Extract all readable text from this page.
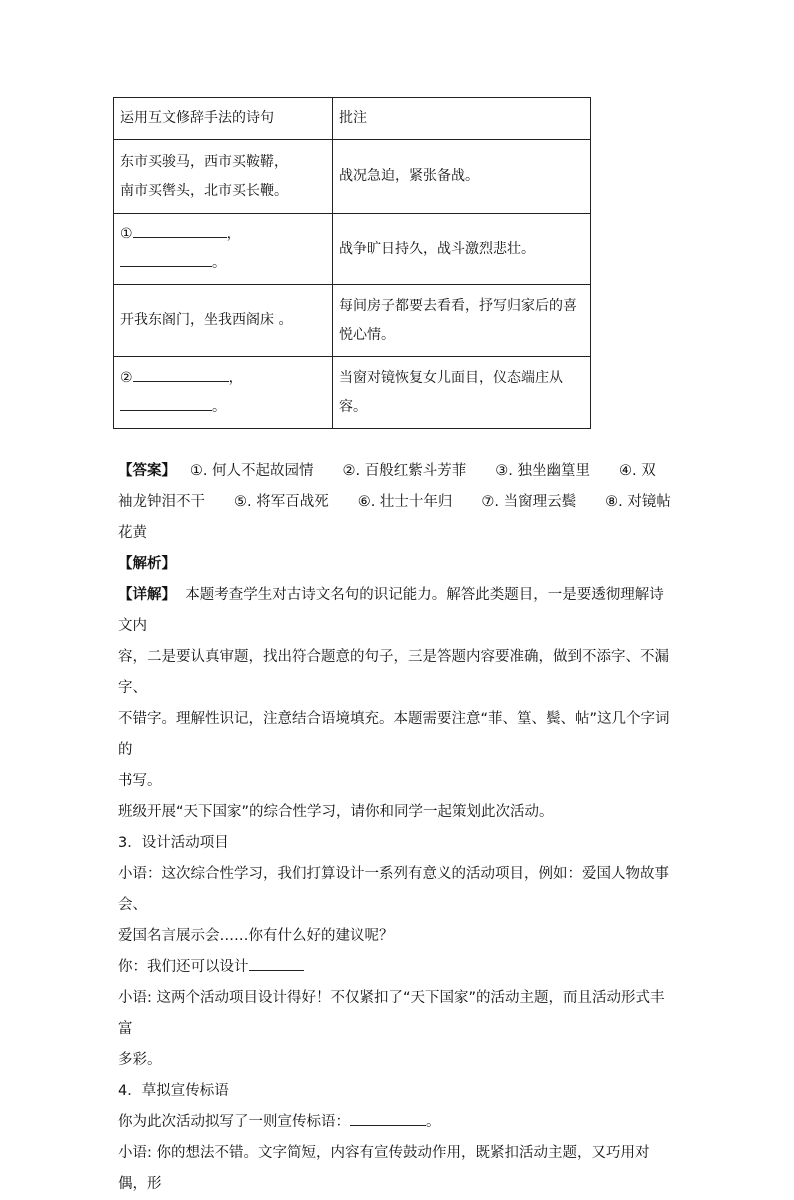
运用互文修辞手法的诗句	批注

东市买骏马，西市买鞍鞯，
南市买辔头，北市买长鞭。	战况急迫，紧张备战。
① ，。	战争旷日持久，战斗激烈悲壮。
开我东阁门，坐我西阁床 。	每间房子都要去看看，抒写归家后的喜
悦心情。

② ，
。	当窗对镜恢复女儿面目，仪态端庄从容。

【答案】 ①. 何人不起故园情　　②. 百般红紫斗芳菲　　③. 独坐幽篁里　　④. 双

袖龙钟泪不干　　⑤. 将军百战死　　⑥. 壮士十年归　　⑦. 当窗理云鬓　　⑧. 对镜帖

花黄

【解析】

【详解】 本题考查学生对古诗文名句的识记能力。解答此类题目，一是要透彻理解诗文内

容，二是要认真审题，找出符合题意的句子，三是答题内容要准确，做到不添字、不漏字、

不错字。理解性识记，注意结合语境填充。本题需要注意“菲、篁、鬓、帖”这几个字词的

书写。

班级开展“天下国家”的综合性学习，请你和同学一起策划此次活动。

3．设计活动项目

小语：这次综合性学习，我们打算设计一系列有意义的活动项目，例如：爱国人物故事会、

爱国名言展示会……你有什么好的建议呢？

你：我们还可以设计

小语: 这两个活动项目设计得好！不仅紧扣了“天下国家”的活动主题，而且活动形式丰富

多彩。

4．草拟宣传标语

你为此次活动拟写了一则宣传标语：	。

小语: 你的想法不错。文字简短，内容有宣传鼓动作用，既紧扣活动主题，又巧用对偶，形
